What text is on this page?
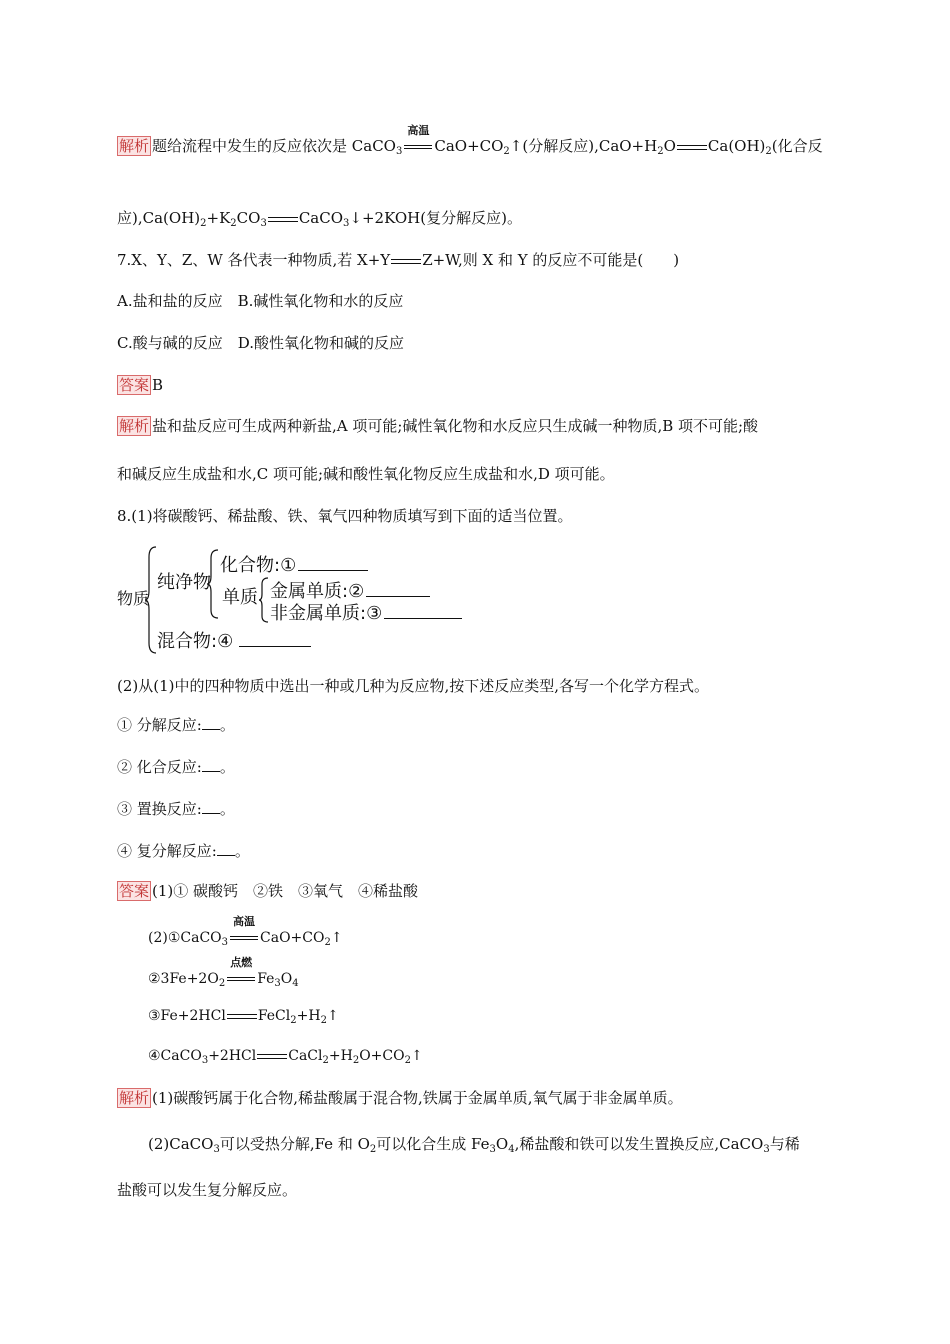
解析 题给流程中发生的反应依次是 CaCO$_3$
高温
$CaO+CO_2↑$(分解反应)$,CaO+H_2O$ $Ca(OH)_2$(化合反
应)$,Ca(OH)_2+K_2CO_3$ CaCO$_3$↓+2KOH(复分解反应)。
7.X、Y、Z、W 各代表一种物质,若 X+Y Z+W,则 X 和 Y 的反应不可能是(　　)
A.盐和盐的反应　B.碱性氧化物和水的反应
C.酸与碱的反应　D.酸性氧化物和碱的反应
答案 B
解析 盐和盐反应可生成两种新盐,A 项可能;碱性氧化物和水反应只生成碱一种物质,B 项不可能;酸
和碱反应生成盐和水,C 项可能;碱和酸性氧化物反应生成盐和水,D 项可能。
8.(1)将碳酸钙、稀盐酸、铁、氧气四种物质填写到下面的适当位置。
物质
纯净物
化合物:①
单质 金属单质:②
非金属单质:③
混合物:④
(2)从(1)中的四种物质中选出一种或几种为反应物,按下述反应类型,各写一个化学方程式。
① 分解反应: 。
② 化合反应: 。
③ 置换反应: 。
④ 复分解反应: 。
答案 (1)① 碳酸钙　②铁　③氧气　④稀盐酸
(2)①CaCO$_3$
高温
$CaO+CO_2↑$
$②3Fe+2O_2$
点燃
$Fe_3O_4$
③Fe+2HCl $FeCl_2+H_2↑$
④CaCO$_3$+2HCl $CaCl_2+H_2O+CO_2↑$
解析 (1)碳酸钙属于化合物,稀盐酸属于混合物,铁属于金属单质,氧气属于非金属单质。
(2)CaCO$_3$可以受热分解,Fe 和 $O_2$可以化合生成 $Fe_3O_4$,稀盐酸和铁可以发生置换反应,CaCO$_3$与稀
盐酸可以发生复分解反应。
